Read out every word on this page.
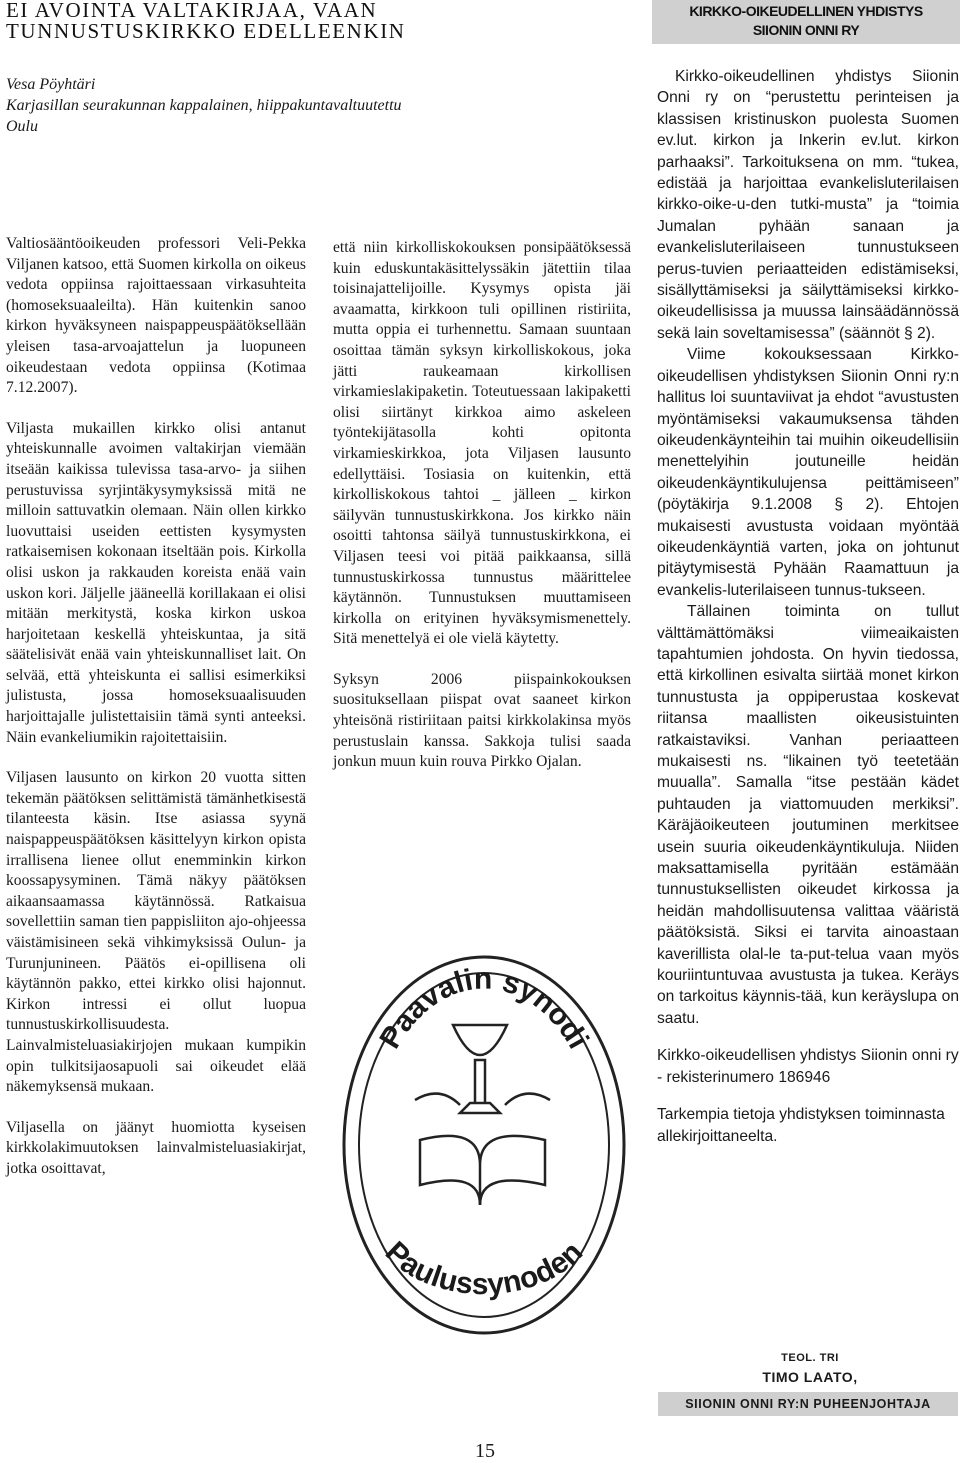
EI AVOINTA VALTAKIRJAA, VAAN
TUNNUSTUSKIRKKO EDELLEENKIN
KIRKKO-OIKEUDELLINEN YHDISTYS
SIIONIN ONNI RY
Vesa Pöyhtäri
Karjasillan seurakunnan kappalainen, hiippakuntavaltuutettu
Oulu

Valtiosääntöoikeuden professori Veli-Pekka Viljanen katsoo, että Suomen kirkolla on oikeus vedota oppiinsa rajoittaessaan virkasuhteita (homoseksuaaleilta). Hän kuitenkin sanoo kirkon hyväksyneen naispappeuspäätöksellään yleisen tasa-arvoajattelun ja luopuneen oikeudestaan vedota oppiinsa (Kotimaa 7.12.2007).

Viljasta mukaillen kirkko olisi antanut yhteiskunnalle avoimen valtakirjan viemään itseään kaikissa tulevissa tasa-arvo- ja siihen perustuvissa syrjintäkysymyksissä mitä ne milloin sattuvatkin olemaan. Näin ollen kirkko luovuttaisi useiden eettisten kysymysten ratkaisemisen kokonaan itseltään pois. Kirkolla olisi uskon ja rakkauden koreista enää vain uskon kori. Jäljelle jääneellä korillakaan ei olisi mitään merkitystä, koska kirkon uskoa harjoitetaan keskellä yhteiskuntaa, ja sitä säätelisivät enää vain yhteiskunnalliset lait. On selvää, että yhteiskunta ei sallisi esimerkiksi julistusta, jossa homoseksuaalisuuden harjoittajalle julistettaisiin tämä synti anteeksi. Näin evankeliumikin rajoitettaisiin.

Viljasen lausunto on kirkon 20 vuotta sitten tekemän päätöksen selittämistä tämänhetkisestä tilanteesta käsin. Itse asiassa syynä naispappeuspäätöksen käsittelyyn kirkon opista irrallisena lienee ollut enemminkin kirkon koossapysyminen. Tämä näkyy päätöksen aikaansaamassa käytännössä. Ratkaisua sovellettiin saman tien pappisliiton ajo-ohjeessa väistämisineen sekä vihkimyksissä Oulun- ja Turunjunineen. Päätös ei-opillisena oli käytännön pakko, ettei kirkko olisi hajonnut. Kirkon intressi ei ollut luopua tunnustuskirkollisuudesta. Lainvalmisteluasiakirjojen mukaan kumpikin opin tulkitsijaosapuoli sai oikeudet elää näkemyksensä mukaan.

Viljasella on jäänyt huomiotta kyseisen kirkkolakimuutoksen lainvalmisteluasiakirjat, jotka osoittavat,

että niin kirkolliskokouksen ponsipäätöksessä kuin eduskuntakäsittelyssäkin jätettiin tilaa toisinajattelijoille. Kysymys opista jäi avaamatta, kirkkoon tuli opillinen ristiriita, mutta oppia ei turhennettu. Samaan suuntaan osoittaa tämän syksyn kirkolliskokous, joka jätti raukeamaan kirkollisen virkamieslakipaketin. Toteutuessaan lakipaketti olisi siirtänyt kirkkoa aimo askeleen työntekijätasolla kohti opitonta virkamieskirkkoa, jota Viljasen lausunto edellyttäisi. Tosiasia on kuitenkin, että kirkolliskokous tahtoi _ jälleen _ kirkon säilyvän tunnustuskirkkona. Jos kirkko näin osoitti tahtonsa säilyä tunnustuskirkkona, ei Viljasen teesi voi pitää paikkaansa, sillä tunnustuskirkossa tunnustus määrittelee käytännön. Tunnustuksen muuttamiseen kirkolla on erityinen hyväksymismenettely. Sitä menettelyä ei ole vielä käytetty.

Syksyn 2006 piispainkokouksen suosituksellaan piispat ovat saaneet kirkon yhteisönä ristiriitaan paitsi kirkkolakinsa myös perustuslain kanssa. Sakkoja tulisi saada jonkun muun kuin rouva Pirkko Ojalan.

Paavalin synodi
Paulussynoden

Kirkko-oikeudellinen yhdistys Siionin Onni ry on “perustettu perinteisen ja klassisen kristinuskon puolesta Suomen ev.lut. kirkon ja Inkerin ev.lut. kirkon parhaaksi”. Tarkoituksena on mm. “tukea, edistää ja harjoittaa evankelisluterilaisen kirkko-oike-u-den tutki-musta” ja “toimia Jumalan pyhään sanaan ja evankelisluterilaiseen tunnustukseen perus-tuvien periaatteiden edistämiseksi, sisällyttämiseksi ja säilyttämiseksi kirkko-oikeudellisissa ja muussa lainsäädännössä sekä lain soveltamisessa” (säännöt § 2).

Viime kokouksessaan Kirkko-oikeudellisen yhdistyksen Siionin Onni ry:n hallitus loi suuntaviivat ja ehdot “avustusten myöntämiseksi vakaumuksensa tähden oikeudenkäynteihin tai muihin oikeudellisiin menettelyihin joutuneille heidän oikeudenkäyntikulujensa peittämiseen” (pöytäkirja 9.1.2008 § 2). Ehtojen mukaisesti avustusta voidaan myöntää oikeudenkäyntiä varten, joka on johtunut pitäytymisestä Pyhään Raamattuun ja evankelis-luterilaiseen tunnus-tukseen.

Tällainen toiminta on tullut välttämättömäksi viimeaikaisten tapahtumien johdosta. On hyvin tiedossa, että kirkollinen esivalta siirtää monet kirkon tunnustusta ja oppiperustaa koskevat riitansa maallisten oikeusistuinten ratkaistaviksi. Vanhan periaatteen mukaisesti ns. “likainen työ teetetään muualla”. Samalla “itse pestään kädet puhtauden ja viattomuuden merkiksi”. Käräjäoikeuteen joutuminen merkitsee usein suuria oikeudenkäyntikuluja. Niiden maksattamisella pyritään estämään tunnustuksellisten oikeudet kirkossa ja heidän mahdollisuutensa valittaa vääristä päätöksistä. Siksi ei tarvita ainoastaan kaverillista olal-le ta-put-telua vaan myös kouriintuntuvaa avustusta ja tukea. Keräys on tarkoitus käynnis-tää, kun keräyslupa on saatu.

Kirkko-oikeudellisen yhdistys Siionin onni ry - rekisterinumero 186946

Tarkempia tietoja yhdistyksen toiminnasta allekirjoittaneelta.

TEOL. TRI
TIMO LAATO,
SIIONIN ONNI RY:N PUHEENJOHTAJA
15
